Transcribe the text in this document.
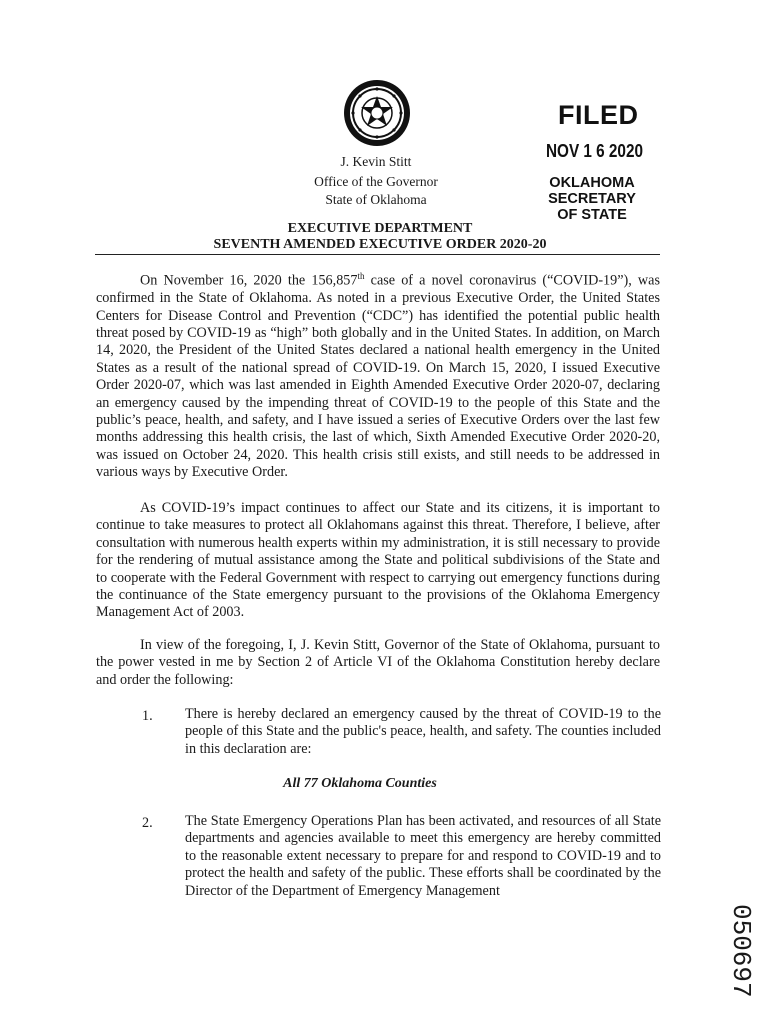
J. Kevin Stitt
Office of the Governor
State of Oklahoma
FILED
NOV 1 6 2020
OKLAHOMA SECRETARY
OF STATE
EXECUTIVE DEPARTMENT
SEVENTH AMENDED EXECUTIVE ORDER 2020-20

On November 16, 2020 the 156,857th case of a novel coronavirus (“COVID-19”), was confirmed in the State of Oklahoma. As noted in a previous Executive Order, the United States Centers for Disease Control and Prevention (“CDC”) has identified the potential public health threat posed by COVID-19 as “high” both globally and in the United States. In addition, on March 14, 2020, the President of the United States declared a national health emergency in the United States as a result of the national spread of COVID-19. On March 15, 2020, I issued Executive Order 2020-07, which was last amended in Eighth Amended Executive Order 2020-07, declaring an emergency caused by the impending threat of COVID-19 to the people of this State and the public’s peace, health, and safety, and I have issued a series of Executive Orders over the last few months addressing this health crisis, the last of which, Sixth Amended Executive Order 2020-20, was issued on October 24, 2020. This health crisis still exists, and still needs to be addressed in various ways by Executive Order.

As COVID-19’s impact continues to affect our State and its citizens, it is important to continue to take measures to protect all Oklahomans against this threat. Therefore, I believe, after consultation with numerous health experts within my administration, it is still necessary to provide for the rendering of mutual assistance among the State and political subdivisions of the State and to cooperate with the Federal Government with respect to carrying out emergency functions during the continuance of the State emergency pursuant to the provisions of the Oklahoma Emergency Management Act of 2003.

In view of the foregoing, I, J. Kevin Stitt, Governor of the State of Oklahoma, pursuant to the power vested in me by Section 2 of Article VI of the Oklahoma Constitution hereby declare and order the following:

1. There is hereby declared an emergency caused by the threat of COVID-19 to the people of this State and the public's peace, health, and safety. The counties included in this declaration are:
All 77 Oklahoma Counties
2. The State Emergency Operations Plan has been activated, and resources of all State departments and agencies available to meet this emergency are hereby committed to the reasonable extent necessary to prepare for and respond to COVID-19 and to protect the health and safety of the public. These efforts shall be coordinated by the Director of the Department of Emergency Management
050697
